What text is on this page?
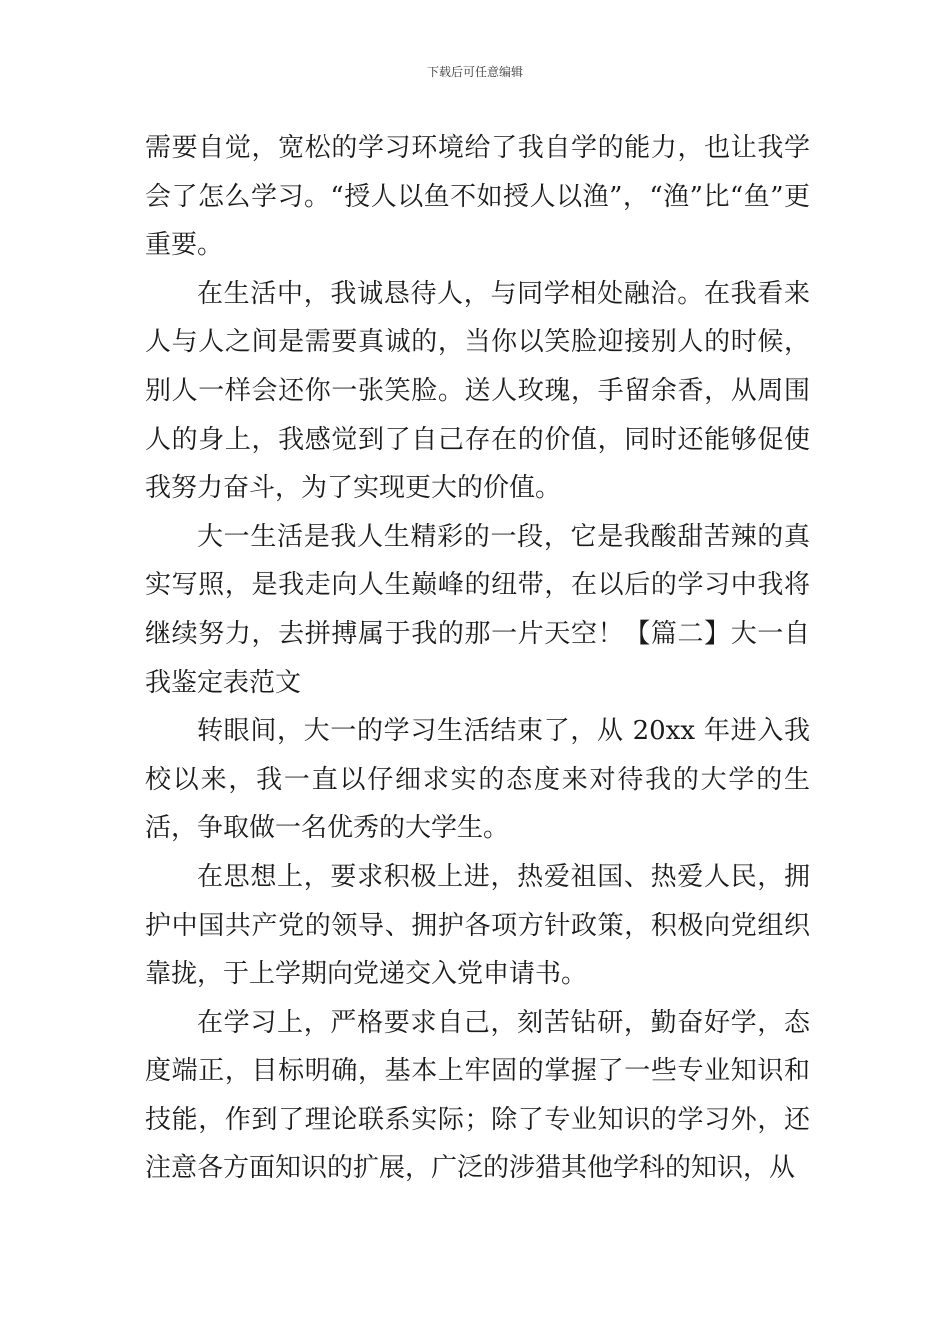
下载后可任意编辑

需要自觉，宽松的学习环境给了我自学的能力，也让我学会了怎么学习。“授人以鱼不如授人以渔”，“渔”比“鱼”更重要。

在生活中，我诚恳待人，与同学相处融洽。在我看来人与人之间是需要真诚的，当你以笑脸迎接别人的时候，别人一样会还你一张笑脸。送人玫瑰，手留余香，从周围人的身上，我感觉到了自己存在的价值，同时还能够促使我努力奋斗，为了实现更大的价值。

大一生活是我人生精彩的一段，它是我酸甜苦辣的真实写照，是我走向人生巅峰的纽带，在以后的学习中我将继续努力，去拼搏属于我的那一片天空！【篇二】大一自我鉴定表范文

转眼间，大一的学习生活结束了，从 20xx 年进入我校以来，我一直以仔细求实的态度来对待我的大学的生活，争取做一名优秀的大学生。

在思想上，要求积极上进，热爱祖国、热爱人民，拥护中国共产党的领导、拥护各项方针政策，积极向党组织靠拢，于上学期向党递交入党申请书。

在学习上，严格要求自己，刻苦钻研，勤奋好学，态度端正，目标明确，基本上牢固的掌握了一些专业知识和技能，作到了理论联系实际；除了专业知识的学习外，还注意各方面知识的扩展，广泛的涉猎其他学科的知识，从
